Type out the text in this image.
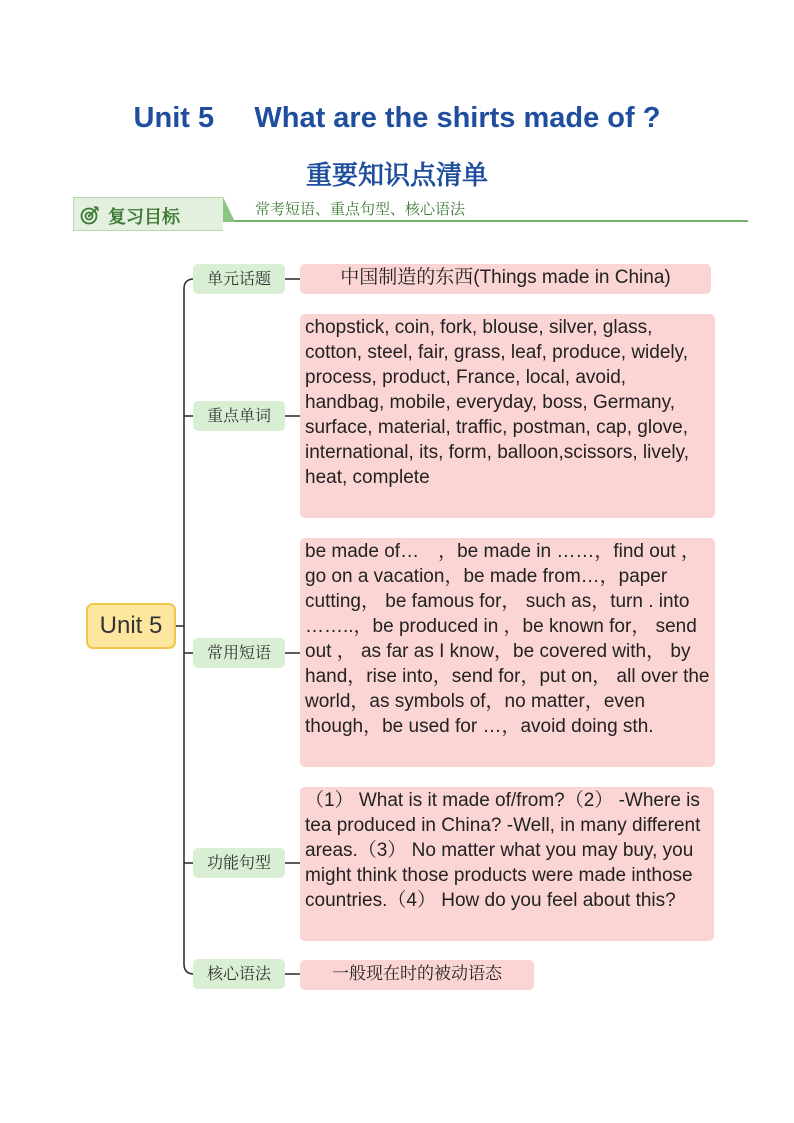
Unit 5     What are the shirts made of ?
重要知识点清单
复习目标	常考短语、重点句型、核心语法
Unit 5
单元话题
重点单词
常用短语
功能句型
核心语法
中国制造的东西(Things made in China)
chopstick, coin, fork, blouse, silver, glass, cotton, steel, fair, grass, leaf, produce, widely, process, product, France, local, avoid, handbag, mobile, everyday, boss, Germany, surface, material, traffic, postman, cap, glove, international, its, form, balloon,scissors, lively, heat, complete
be made of…　，be made in ……，find out ，go on a vacation，be made from…，paper cutting， be famous for， such as，turn . into ……..，be produced in ，be known for， send out ， as far as I know，be covered with， by hand，rise into，send for，put on， all over the world，as symbols of，no matter，even though，be used for …，avoid doing sth.
（1） What is it made of/from?（2） -Where is tea produced in China? -Well, in many different areas.（3） No matter what you may buy, you might think those products were made inthose countries.（4） How do you feel about this?
一般现在时的被动语态
